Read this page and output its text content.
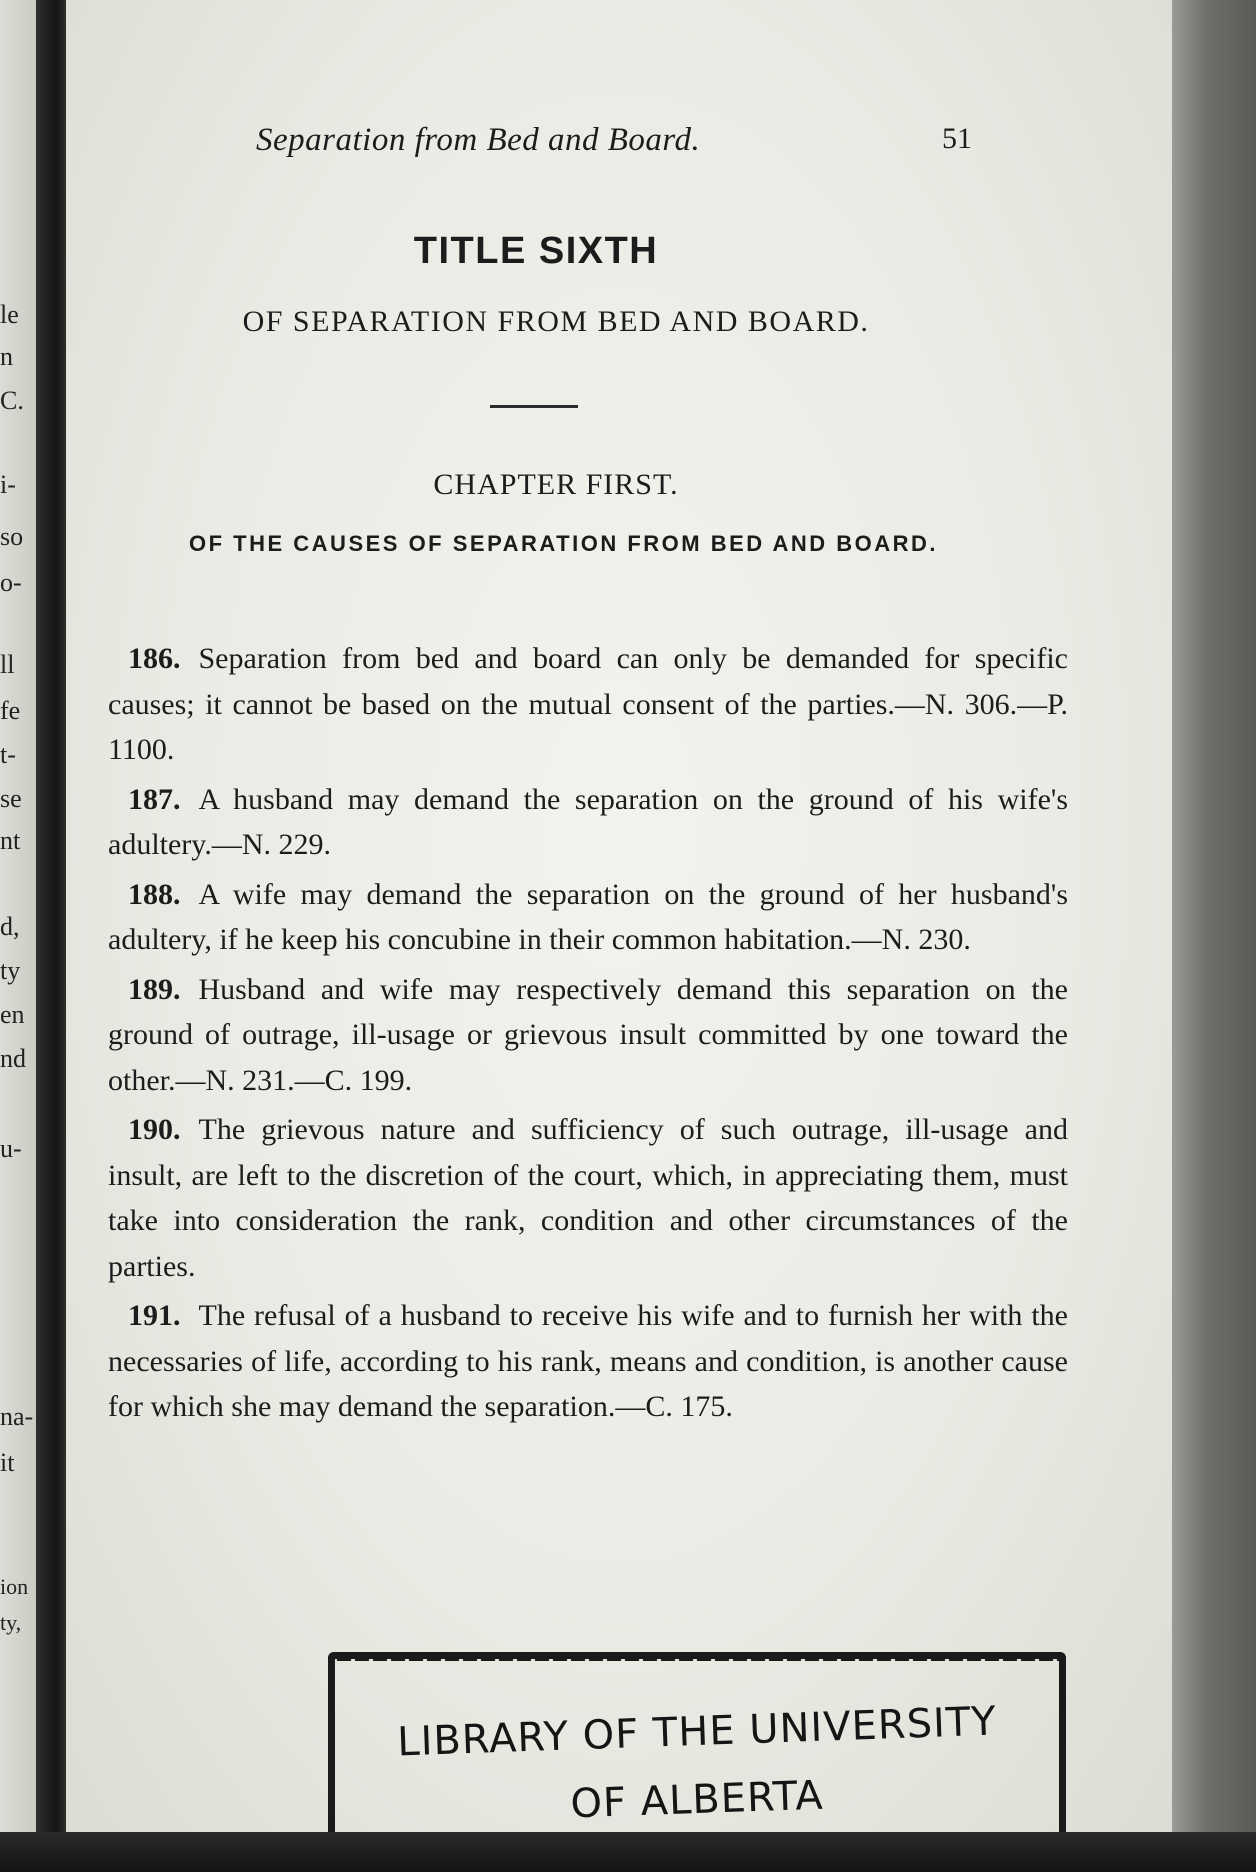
le
n
C.
i-
so
o-
ll
fe
t-
se
nt
d,
ty
en
nd
u-
na-
it
ion
ty,
Separation from Bed and Board.	51
TITLE SIXTH
OF SEPARATION FROM BED AND BOARD.
CHAPTER FIRST.
OF THE CAUSES OF SEPARATION FROM BED AND BOARD.

186. Separation from bed and board can only be demanded for specific causes; it cannot be based on the mutual consent of the parties.—N. 306.—P. 1100.

187. A husband may demand the separation on the ground of his wife's adultery.—N. 229.

188. A wife may demand the separation on the ground of her husband's adultery, if he keep his concubine in their common habitation.—N. 230.

189. Husband and wife may respectively demand this separation on the ground of outrage, ill-usage or grievous insult committed by one toward the other.—N. 231.—C. 199.

190. The grievous nature and sufficiency of such outrage, ill-usage and insult, are left to the discretion of the court, which, in appreciating them, must take into consideration the rank, condition and other circumstances of the parties.

191. The refusal of a husband to receive his wife and to furnish her with the necessaries of life, according to his rank, means and condition, is another cause for which she may demand the separation.—C. 175.

LIBRARY OF THE UNIVERSITY
OF ALBERTA
